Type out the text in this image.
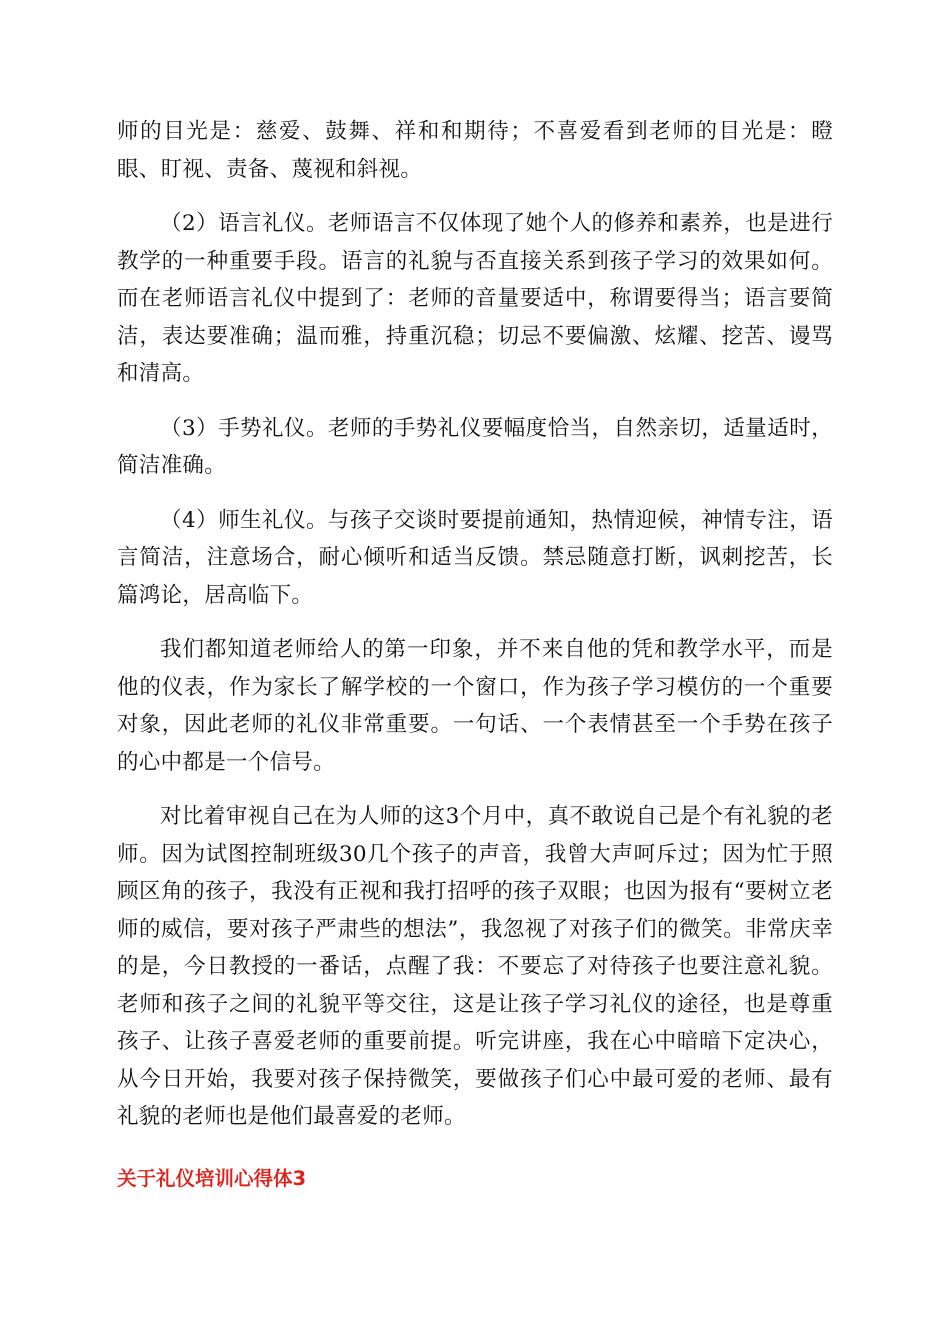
师的目光是：慈爱、鼓舞、祥和和期待；不喜爱看到老师的目光是：瞪眼、盯视、责备、蔑视和斜视。

（2）语言礼仪。老师语言不仅体现了她个人的修养和素养，也是进行教学的一种重要手段。语言的礼貌与否直接关系到孩子学习的效果如何。而在老师语言礼仪中提到了：老师的音量要适中，称谓要得当；语言要简洁，表达要准确；温而雅，持重沉稳；切忌不要偏激、炫耀、挖苦、谩骂和清高。

（3）手势礼仪。老师的手势礼仪要幅度恰当，自然亲切，适量适时，简洁准确。

（4）师生礼仪。与孩子交谈时要提前通知，热情迎候，神情专注，语言简洁，注意场合，耐心倾听和适当反馈。禁忌随意打断，讽刺挖苦，长篇鸿论，居高临下。

我们都知道老师给人的第一印象，并不来自他的凭和教学水平，而是他的仪表，作为家长了解学校的一个窗口，作为孩子学习模仿的一个重要对象，因此老师的礼仪非常重要。一句话、一个表情甚至一个手势在孩子的心中都是一个信号。

对比着审视自己在为人师的这3个月中，真不敢说自己是个有礼貌的老师。因为试图控制班级30几个孩子的声音，我曾大声呵斥过；因为忙于照顾区角的孩子，我没有正视和我打招呼的孩子双眼；也因为报有“要树立老师的威信，要对孩子严肃些的想法”，我忽视了对孩子们的微笑。非常庆幸的是，今日教授的一番话，点醒了我：不要忘了对待孩子也要注意礼貌。老师和孩子之间的礼貌平等交往，这是让孩子学习礼仪的途径，也是尊重孩子、让孩子喜爱老师的重要前提。听完讲座，我在心中暗暗下定决心，从今日开始，我要对孩子保持微笑，要做孩子们心中最可爱的老师、最有礼貌的老师也是他们最喜爱的老师。

关于礼仪培训心得体3
